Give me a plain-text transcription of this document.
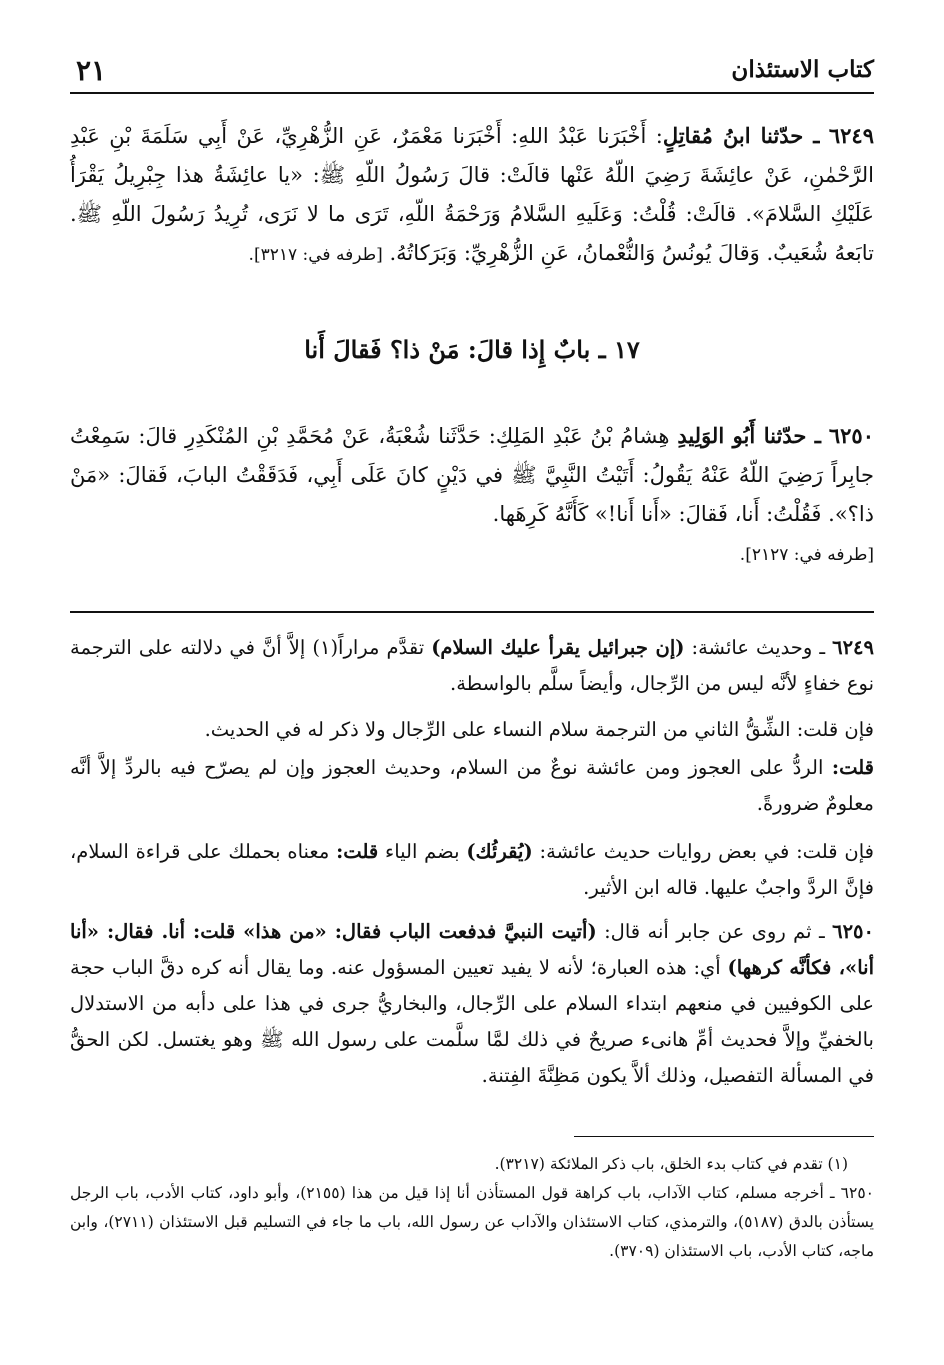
كتاب الاستئذان
٢١
٦٢٤٩ ـ حدّثنا ابنُ مُقاتِلٍ: أَخْبَرَنا عَبْدُ اللهِ: أَخْبَرَنا مَعْمَرٌ، عَنِ الزُّهْرِيِّ، عَنْ أَبِي سَلَمَةَ بْنِ عَبْدِ الرَّحْمٰنِ، عَنْ عائِشَةَ رَضِيَ اللّهُ عَنْها قالَتْ: قالَ رَسُولُ اللّهِ ﷺ: «يا عائِشَةُ هذا جِبْرِيلُ يَقْرَأُ عَلَيْكِ السَّلامَ». قالَتْ: قُلْتُ: وَعَلَيهِ السَّلامُ وَرَحْمَةُ اللّهِ، تَرَى ما لا نَرَى، تُرِيدُ رَسُولَ اللّهِ ﷺ. تابَعهُ شُعَيبٌ. وَقالَ يُونُسُ وَالنُّعْمانُ، عَنِ الزُّهْرِيِّ: وَبَرَكاتُهُ. [طرفه في: ٣٢١٧].
١٧ ـ بابٌ إِذا قالَ: مَنْ ذا؟ فَقالَ أَنا
٦٢٥٠ ـ حدّثنا أَبُو الوَلِيدِ هِشامُ بْنُ عَبْدِ المَلِكِ: حَدَّثَنا شُعْبَةُ، عَنْ مُحَمَّدِ بْنِ المُنْكَدِرِ قالَ: سَمِعْتُ جابِراً رَضِيَ اللّهُ عَنْهُ يَقُولُ: أَتَيْتُ النَّبِيَّ ﷺ في دَيْنٍ كانَ عَلَى أَبِي، فَدَقَقْتُ البابَ، فَقالَ: «مَنْ ذا؟». فَقُلْتُ: أَنا، فَقالَ: «أَنا أَنا!» كَأَنَّهُ كَرِهَها.
[طرفه في: ٢١٢٧].
٦٢٤٩ ـ وحديث عائشة: (إن جبرائيل يقرأ عليك السلام) تقدَّم مراراً(١) إلاَّ أنَّ في دلالته على الترجمة نوع خفاءٍ لأنَّه ليس من الرِّجال، وأيضاً سلَّم بالواسطة.
فإن قلت: الشِّقُّ الثاني من الترجمة سلام النساء على الرِّجال ولا ذكر له في الحديث.
قلت: الردُّ على العجوز ومن عائشة نوعٌ من السلام، وحديث العجوز وإن لم يصرّح فيه بالردِّ إلاَّ أنَّه معلومٌ ضرورةً.
فإن قلت: في بعض روايات حديث عائشة: (يُقرئُك) بضم الياء قلت: معناه بحملك على قراءة السلام، فإنَّ الردَّ واجبٌ عليها. قاله ابن الأثير.
٦٢٥٠ ـ ثم روى عن جابر أنه قال: (أتيت النبيَّ فدفعت الباب فقال: «من هذا» قلت: أنا. فقال: «أنا أنا»، فكأنَّه كرهها) أي: هذه العبارة؛ لأنه لا يفيد تعيين المسؤول عنه. وما يقال أنه كره دقَّ الباب حجة على الكوفيين في منعهم ابتداء السلام على الرِّجال، والبخاريُّ جرى في هذا على دأبه من الاستدلال بالخفيِّ وإلاَّ فحديث أمِّ هانىء صريحٌ في ذلك لمَّا سلَّمت على رسول الله ﷺ وهو يغتسل. لكن الحقُّ في المسألة التفصيل، وذلك ألاَّ يكون مَظِنَّةَ الفِتنة.
(١) تقدم في كتاب بدء الخلق، باب ذكر الملائكة (٣٢١٧).
٦٢٥٠ ـ أخرجه مسلم، كتاب الآداب، باب كراهة قول المستأذن أنا إذا قيل من هذا (٢١٥٥)، وأبو داود، كتاب الأدب، باب الرجل يستأذن بالدق (٥١٨٧)، والترمذي، كتاب الاستئذان والآداب عن رسول الله، باب ما جاء في التسليم قبل الاستئذان (٢٧١١)، وابن ماجه، كتاب الأدب، باب الاستئذان (٣٧٠٩).
